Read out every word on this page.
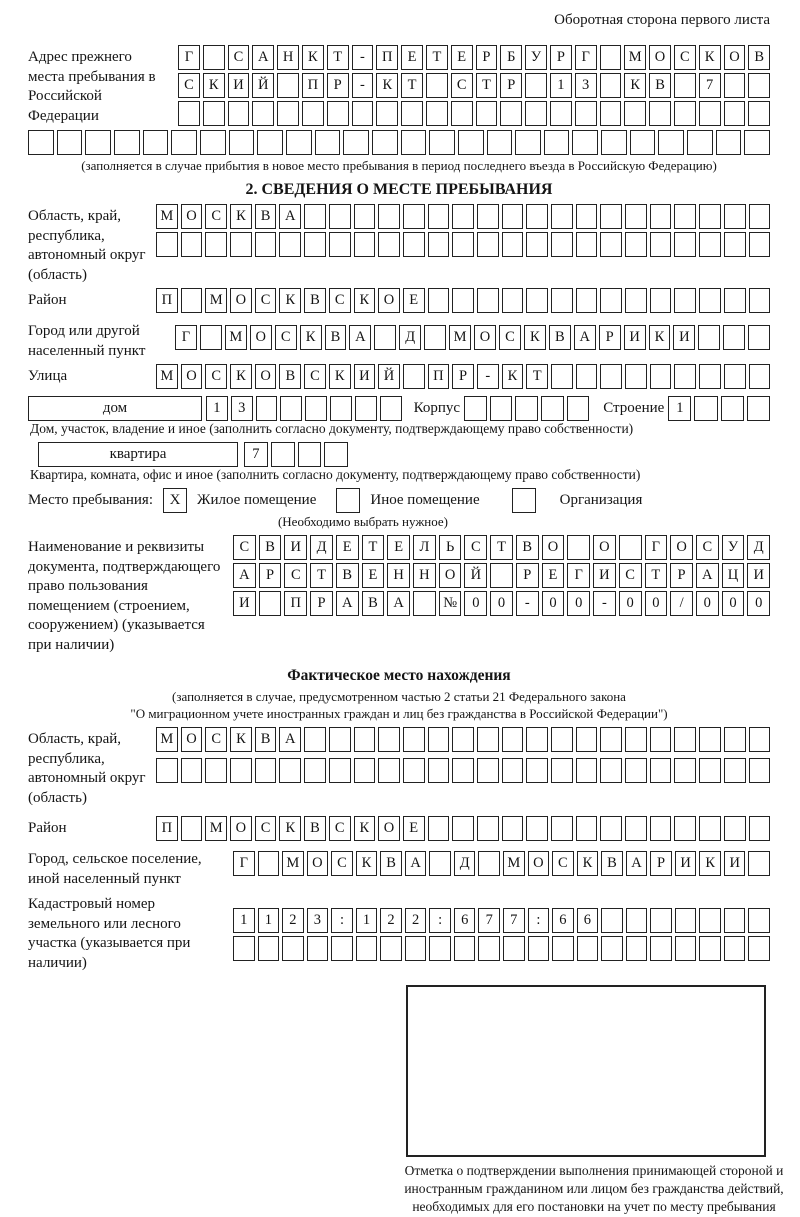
Оборотная сторона первого листа
Адрес прежнего места пребывания в Российской Федерации
Г	С	А Н	К	Т	-	П	Е	Т	Е	Р	Б	У	Р	Г	М О	С	К	О	В
С	К	И Й	П	Р	-	К	Т	С	Т	Р	1	3	К	В	7
(заполняется в случае прибытия в новое место пребывания в период последнего въезда в Российскую Федерацию)
2. СВЕДЕНИЯ О МЕСТЕ ПРЕБЫВАНИЯ
Область, край, республика, автономный округ (область)
М О	С	К	В	А
Район	П	М О	С	К	В	С	К	О	Е
Город или другой населенный пункт
Г	М О	С	К	В	А	Д	М О	С	К	В	А	Р	И	К	И
Улица	М О	С	К	О	В	С	К	И Й	П	Р	-	К	Т
дом	1	3	Корпус	Строение 1
Дом, участок, владение и иное (заполнить согласно документу, подтверждающему право собственности)
квартира	7
Квартира, комната, офис и иное (заполнить согласно документу, подтверждающему право собственности)
Место пребывания:	X	Жилое помещение	Иное помещение	Организация
(Необходимо выбрать нужное)
Наименование и реквизиты документа, подтверждающего право пользования помещением (строением, сооружением) (указывается при наличии)
С	В	И	Д	Е	Т	Е	Л	Ь	С	Т	В	О	О	Г	О	С	У	Д
А	Р	С	Т	В	Е	Н	Н	О	Й	Р	Е	Г	И	С	Т	Р	А	Ц	И
И	П	Р	А	В	А	№	0	0	-	0	0	-	0	0	/	0	0	0
Фактическое место нахождения
(заполняется в случае, предусмотренном частью 2 статьи 21 Федерального закона
"О миграционном учете иностранных граждан и лиц без гражданства в Российской Федерации")
Область, край, республика, автономный округ (область)
М О	С	К	В	А
Район	П	М О	С	К	В	С	К	О	Е
Город, сельское поселение, иной населенный пункт
Г	М О С	К	В А	Д	М О С	К	В А	Р	И К И
Кадастровый номер земельного или лесного участка (указывается при наличии)
1	1	2	3	:	1	2	2	:	6	7	7	:	6	6
Отметка о подтверждении выполнения принимающей стороной и иностранным гражданином или лицом без гражданства действий, необходимых для его постановки на учет по месту пребывания
